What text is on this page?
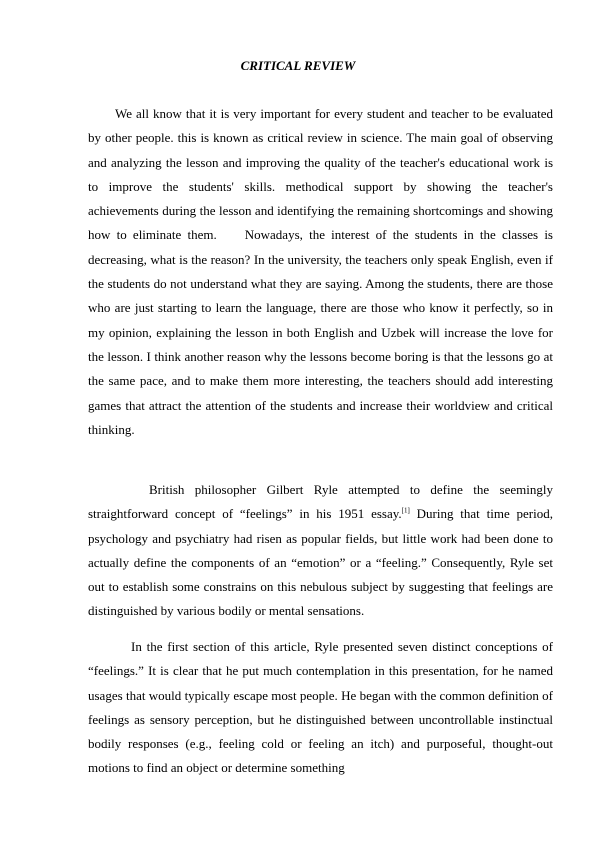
CRITICAL REVIEW

We all know that it is very important for every student and teacher to be evaluated by other people. this is known as critical review in science. The main goal of observing and analyzing the lesson and improving the quality of the teacher's educational work is to improve the students' skills. methodical support by showing the teacher's achievements during the lesson and identifying the remaining shortcomings and showing how to eliminate them. Nowadays, the interest of the students in the classes is decreasing, what is the reason? In the university, the teachers only speak English, even if the students do not understand what they are saying. Among the students, there are those who are just starting to learn the language, there are those who know it perfectly, so in my opinion, explaining the lesson in both English and Uzbek will increase the love for the lesson. I think another reason why the lessons become boring is that the lessons go at the same pace, and to make them more interesting, the teachers should add interesting games that attract the attention of the students and increase their worldview and critical thinking.

British philosopher Gilbert Ryle attempted to define the seemingly straightforward concept of “feelings” in his 1951 essay.[1] During that time period, psychology and psychiatry had risen as popular fields, but little work had been done to actually define the components of an “emotion” or a “feeling.” Consequently, Ryle set out to establish some constrains on this nebulous subject by suggesting that feelings are distinguished by various bodily or mental sensations.

In the first section of this article, Ryle presented seven distinct conceptions of “feelings.” It is clear that he put much contemplation in this presentation, for he named usages that would typically escape most people. He began with the common definition of feelings as sensory perception, but he distinguished between uncontrollable instinctual bodily responses (e.g., feeling cold or feeling an itch) and purposeful, thought-out motions to find an object or determine something
